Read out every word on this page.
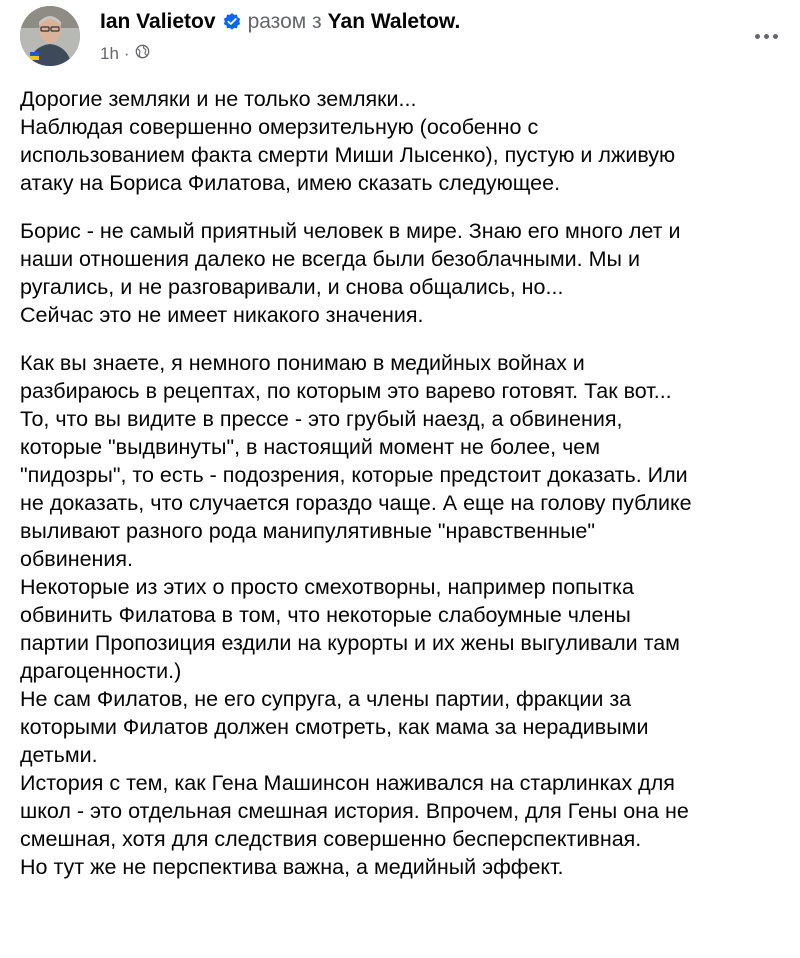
Ian Valietov разом з Yan Waletow.
1h ·

Дорогие земляки и не только земляки...
Наблюдая совершенно омерзительную (особенно с
использованием факта смерти Миши Лысенко), пустую и лживую
атаку на Бориса Филатова, имею сказать следующее.

Борис - не самый приятный человек в мире. Знаю его много лет и
наши отношения далеко не всегда были безоблачными. Мы и
ругались, и не разговаривали, и снова общались, но...
Сейчас это не имеет никакого значения.

Как вы знаете, я немного понимаю в медийных войнах и
разбираюсь в рецептах, по которым это варево готовят. Так вот...
То, что вы видите в прессе - это грубый наезд, а обвинения,
которые "выдвинуты", в настоящий момент не более, чем
"пидозры", то есть - подозрения, которые предстоит доказать. Или
не доказать, что случается гораздо чаще. А еще на голову публике
выливают разного рода манипулятивные "нравственные"
обвинения.
Некоторые из этих о просто смехотворны, например попытка
обвинить Филатова в том, что некоторые слабоумные члены
партии Пропозиция ездили на курорты и их жены выгуливали там
драгоценности.)
Не сам Филатов, не его супруга, а члены партии, фракции за
которыми Филатов должен смотреть, как мама за нерадивыми
детьми.
История с тем, как Гена Машинсон наживался на старлинках для
школ - это отдельная смешная история. Впрочем, для Гены она не
смешная, хотя для следствия совершенно бесперспективная.
Но тут же не перспектива важна, а медийный эффект.
